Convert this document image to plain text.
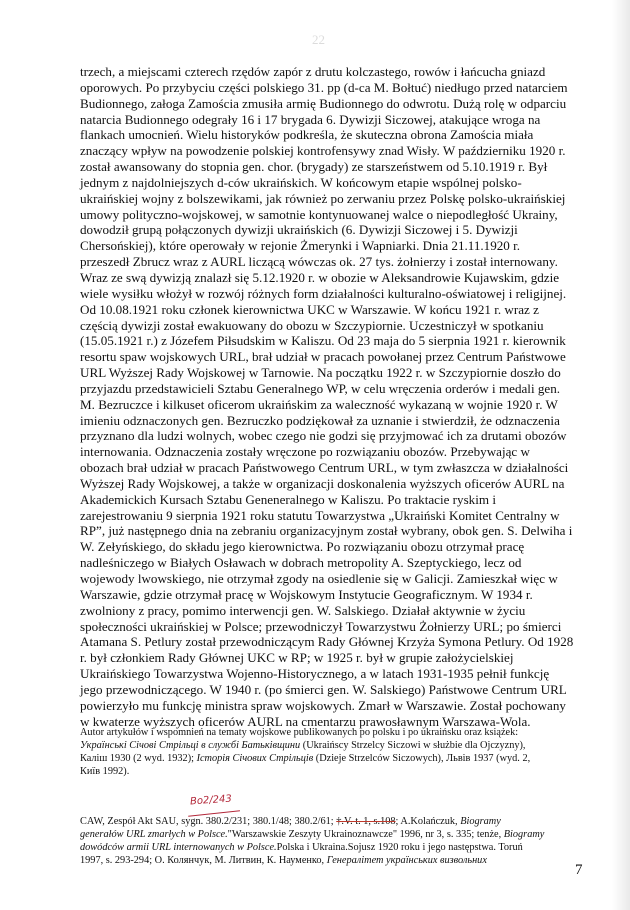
22

trzech, a miejscami czterech rzędów zapór z drutu kolczastego, rowów i łańcucha gniazd

oporowych. Po przybyciu części polskiego 31. pp (d-ca M. Bołtuć) niedługo przed natarciem

Budionnego, załoga Zamościa zmusiła armię Budionnego do odwrotu. Dużą rolę w odparciu

natarcia Budionnego odegrały 16 i 17 brygada 6. Dywizji Siczowej, atakujące wroga na

flankach umocnień. Wielu historyków podkreśla, że skuteczna obrona Zamościa miała

znaczący wpływ na powodzenie polskiej kontrofensywy znad Wisły. W październiku 1920 r.

został awansowany do stopnia gen. chor. (brygady) ze starszeństwem od 5.10.1919 r. Był

jednym z najdolniejszych d-ców ukraińskich. W końcowym etapie wspólnej polsko-

ukraińskiej wojny z bolszewikami, jak również po zerwaniu przez Polskę polsko-ukraińskiej

umowy polityczno-wojskowej, w samotnie kontynuowanej walce o niepodległość Ukrainy,

dowodził grupą połączonych dywizji ukraińskich (6. Dywizji Siczowej i 5. Dywizji

Chersońskiej), które operowały w rejonie Żmerynki i Wapniarki. Dnia 21.11.1920 r.

przeszedł Zbrucz wraz z AURL liczącą wówczas ok. 27 tys. żołnierzy i został internowany.

Wraz ze swą dywizją znalazł się 5.12.1920 r. w obozie w Aleksandrowie Kujawskim, gdzie

wiele wysiłku włożył w rozwój różnych form działalności kulturalno-oświatowej i religijnej.

Od 10.08.1921 roku członek kierownictwa UKC w Warszawie. W końcu 1921 r. wraz z

częścią dywizji został ewakuowany do obozu w Szczypiornie. Uczestniczył w spotkaniu

(15.05.1921 r.) z Józefem Piłsudskim w Kaliszu. Od 23 maja do 5 sierpnia 1921 r. kierownik

resortu spaw wojskowych URL, brał udział w pracach powołanej przez Centrum Państwowe

URL Wyższej Rady Wojskowej w Tarnowie. Na początku 1922 r. w Szczypiornie doszło do

przyjazdu przedstawicieli Sztabu Generalnego WP, w celu wręczenia orderów i medali gen.

M. Bezruczce i kilkuset oficerom ukraińskim za waleczność wykazaną w wojnie 1920 r. W

imieniu odznaczonych gen. Bezruczko podziękował za uznanie i stwierdził, że odznaczenia

przyznano dla ludzi wolnych, wobec czego nie godzi się przyjmować ich za drutami obozów

internowania. Odznaczenia zostały wręczone po rozwiązaniu obozów. Przebywając w

obozach brał udział w pracach Państwowego Centrum URL, w tym zwłaszcza w działalności

Wyższej Rady Wojskowej, a także w organizacji doskonalenia wyższych oficerów AURL na

Akademickich Kursach Sztabu Geneneralnego w Kaliszu. Po traktacie ryskim i

zarejestrowaniu 9 sierpnia 1921 roku statutu Towarzystwa „Ukraiński Komitet Centralny w

RP”, już następnego dnia na zebraniu organizacyjnym został wybrany, obok gen. S. Delwiha i

W. Zełyńskiego, do składu jego kierownictwa. Po rozwiązaniu obozu otrzymał pracę

nadleśniczego w Białych Osławach w dobrach metropolity A. Szeptyckiego, lecz od

wojewody lwowskiego, nie otrzymał zgody na osiedlenie się w Galicji. Zamieszkał więc w

Warszawie, gdzie otrzymał pracę w Wojskowym Instytucie Geograficznym. W 1934 r.

zwolniony z pracy, pomimo interwencji gen. W. Salskiego. Działał aktywnie w życiu

społeczności ukraińskiej w Polsce; przewodniczył Towarzystwu Żołnierzy URL; po śmierci

Atamana S. Petlury został przewodniczącym Rady Głównej Krzyża Symona Petlury. Od 1928

r. był członkiem Rady Głównej UKC w RP; w 1925 r. był w grupie założycielskiej

Ukraińskiego Towarzystwa Wojenno-Historycznego, a w latach 1931-1935 pełnił funkcję

jego przewodniczącego. W 1940 r. (po śmierci gen. W. Salskiego) Państwowe Centrum URL

powierzyło mu funkcję ministra spraw wojskowych. Zmarł w Warszawie. Został pochowany

w kwaterze wyższych oficerów AURL na cmentarzu prawosławnym Warszawa-Wola.

Autor artykułów i wspomnień na tematy wojskowe publikowanych po polsku i po ukraińsku oraz książek:

Українські Січові Стрільці в службі Батьківщини (Ukraińscy Strzelcy Siczowi w służbie dla Ojczyzny),

Калiш 1930 (2 wyd. 1932); Історія Січових Стрільців (Dzieje Strzelców Siczowych), Львiв 1937 (wyd. 2,

Київ 1992).

Bo2/243

CAW, Zespół Akt SAU, sygn. 380.2/231; 380.1/48; 380.2/61; †.V. t. 1, s.108; A.Kolańczuk, Biogramy

generałów URL zmarłych w Polsce."Warszawskie Zeszyty Ukrainoznawcze" 1996, nr 3, s. 335; tenże, Biogramy

dowódców armii URL internowanych w Polsce.Polska i Ukraina.Sojusz 1920 roku i jego następstwa. Toruń

1997, s. 293-294; О. Колянчук, М. Литвин, К. Науменко, Генералітет українських визвольних

7
